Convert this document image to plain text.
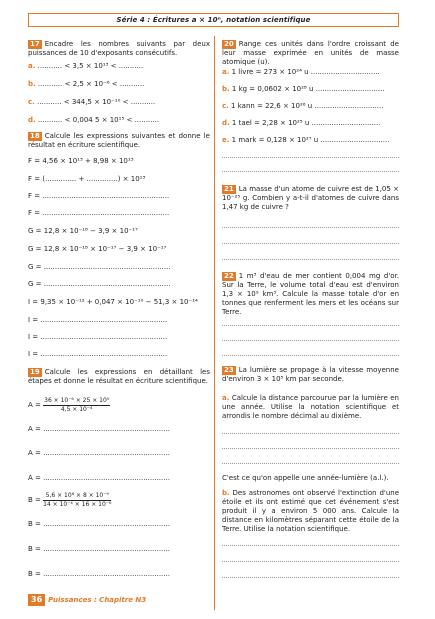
Série 4 : Écritures a × 10ⁿ, notation scientifique
17 Encadre les nombres suivants par deux puissances de 10 d'exposants consécutifs.
a. ........... < 3,5 × 10¹³ < ...........
b. ........... < 2,5 × 10⁻⁶ < ...........
c. ........... < 344,5 × 10⁻¹⁰ < ...........
d. ........... < 0,004 5 × 10¹⁵ < ...........
18 Calcule les expressions suivantes et donne le résultat en écriture scientifique.
F = 4,56 × 10¹³ + 8,98 × 10¹³
F = (.............. + ..............) × 10¹³
F = .........................................................
F = .........................................................
G = 12,8 × 10⁻¹⁸ − 3,9 × 10⁻¹⁷
G = 12,8 × 10⁻¹⁸ × 10⁻¹⁷ − 3,9 × 10⁻¹⁷
G = .........................................................
G = .........................................................
I = 9,35 × 10⁻¹² + 0,047 × 10⁻¹⁰ − 51,3 × 10⁻¹⁴
I = .........................................................
I = .........................................................
I = .........................................................
19 Calcule les expressions en détaillant les étapes et donne le résultat en écriture scientifique.
A =
$\frac{\text{36 × 10⁻⁶ × 25 × 10⁵}}{\text{4,5 × 10⁻⁴}}$
A = .........................................................
A = .........................................................
A = .........................................................
B =
$\frac{\text{5,6 × 10⁸ × 8 × 10⁻⁹}}{\text{14 × 10⁻⁴ × 16 × 10⁻⁶}}$
B = .........................................................
B = .........................................................
B = .........................................................
20 Range ces unités dans l'ordre croissant de leur masse exprimée en unités de masse atomique (u).
a. 1 livre = 273 × 10²⁴ u ...............................
b. 1 kg = 0,0602 × 10²⁸ u ...............................
c. 1 kann = 22,6 × 10²⁶ u ...............................
d. 1 tael = 2,28 × 10²⁵ u ...............................
e. 1 mark = 0,128 × 10²⁷ u ...............................
21 La masse d'un atome de cuivre est de 1,05 × 10⁻²⁵ g. Combien y a-t-il d'atomes de cuivre dans 1,47 kg de cuivre ?
22 1 m³ d'eau de mer contient 0,004 mg d'or. Sur la Terre, le volume total d'eau est d'environ 1,3 × 10⁹ km³. Calcule la masse totale d'or en tonnes que renferment les mers et les océans sur Terre.
23 La lumière se propage à la vitesse moyenne d'environ 3 × 10⁵ km par seconde.
a. Calcule la distance parcourue par la lumière en une année. Utilise la notation scientifique et arrondis le nombre décimal au dixième.
C'est ce qu'on appelle une année-lumière (a.l.).
b. Des astronomes ont observé l'extinction d'une étoile et ils ont estimé que cet événement s'est produit il y a environ 5 000 ans. Calcule la distance en kilomètres séparant cette étoile de la Terre. Utilise la notation scientifique.
36 Puissances : Chapitre N3
